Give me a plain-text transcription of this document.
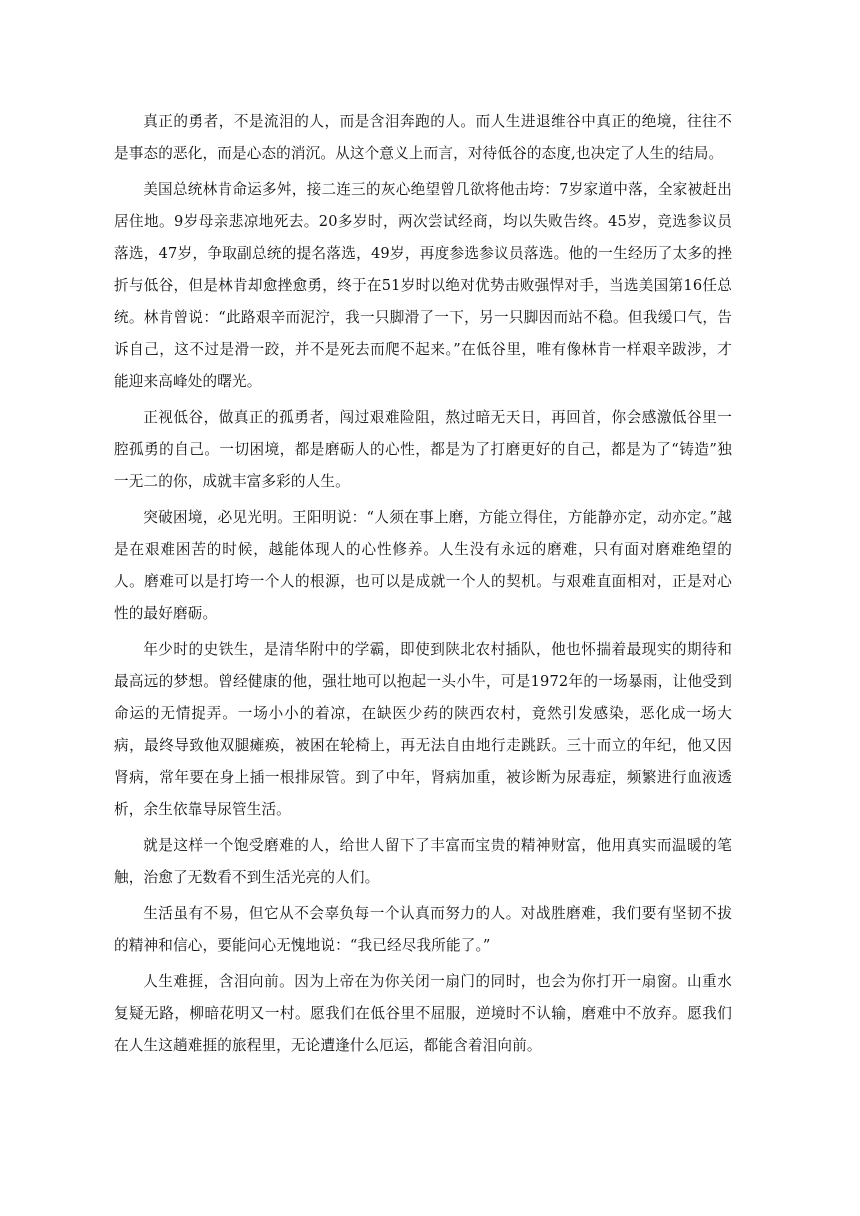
真正的勇者，不是流泪的人，而是含泪奔跑的人。而人生进退维谷中真正的绝境，往往不是事态的恶化，而是心态的消沉。从这个意义上而言，对待低谷的态度,也决定了人生的结局。

美国总统林肯命运多舛，接二连三的灰心绝望曾几欲将他击垮：7岁家道中落，全家被赶出居住地。9岁母亲悲凉地死去。20多岁时，两次尝试经商，均以失败告终。45岁，竞选参议员落选，47岁，争取副总统的提名落选，49岁，再度参选参议员落选。他的一生经历了太多的挫折与低谷，但是林肯却愈挫愈勇，终于在51岁时以绝对优势击败强悍对手，当选美国第16任总统。林肯曾说：“此路艰辛而泥泞，我一只脚滑了一下，另一只脚因而站不稳。但我缓口气，告诉自己，这不过是滑一跤，并不是死去而爬不起来。”在低谷里，唯有像林肯一样艰辛跋涉，才能迎来高峰处的曙光。

正视低谷，做真正的孤勇者，闯过艰难险阻，熬过暗无天日，再回首，你会感激低谷里一腔孤勇的自己。一切困境，都是磨砺人的心性，都是为了打磨更好的自己，都是为了“铸造”独一无二的你，成就丰富多彩的人生。

突破困境，必见光明。王阳明说：“人须在事上磨，方能立得住，方能静亦定，动亦定。”越是在艰难困苦的时候，越能体现人的心性修养。人生没有永远的磨难，只有面对磨难绝望的人。磨难可以是打垮一个人的根源，也可以是成就一个人的契机。与艰难直面相对，正是对心性的最好磨砺。

年少时的史铁生，是清华附中的学霸，即使到陕北农村插队，他也怀揣着最现实的期待和最高远的梦想。曾经健康的他，强壮地可以抱起一头小牛，可是1972年的一场暴雨，让他受到命运的无情捉弄。一场小小的着凉，在缺医少药的陕西农村，竟然引发感染，恶化成一场大病，最终导致他双腿瘫痪，被困在轮椅上，再无法自由地行走跳跃。三十而立的年纪，他又因肾病，常年要在身上插一根排尿管。到了中年，肾病加重，被诊断为尿毒症，频繁进行血液透析，余生依靠导尿管生活。

就是这样一个饱受磨难的人，给世人留下了丰富而宝贵的精神财富，他用真实而温暖的笔触，治愈了无数看不到生活光亮的人们。

生活虽有不易，但它从不会辜负每一个认真而努力的人。对战胜磨难，我们要有坚韧不拔的精神和信心，要能问心无愧地说：“我已经尽我所能了。”

人生难捱，含泪向前。因为上帝在为你关闭一扇门的同时，也会为你打开一扇窗。山重水复疑无路，柳暗花明又一村。愿我们在低谷里不屈服，逆境时不认输，磨难中不放弃。愿我们在人生这趟难捱的旅程里，无论遭逢什么厄运，都能含着泪向前。
